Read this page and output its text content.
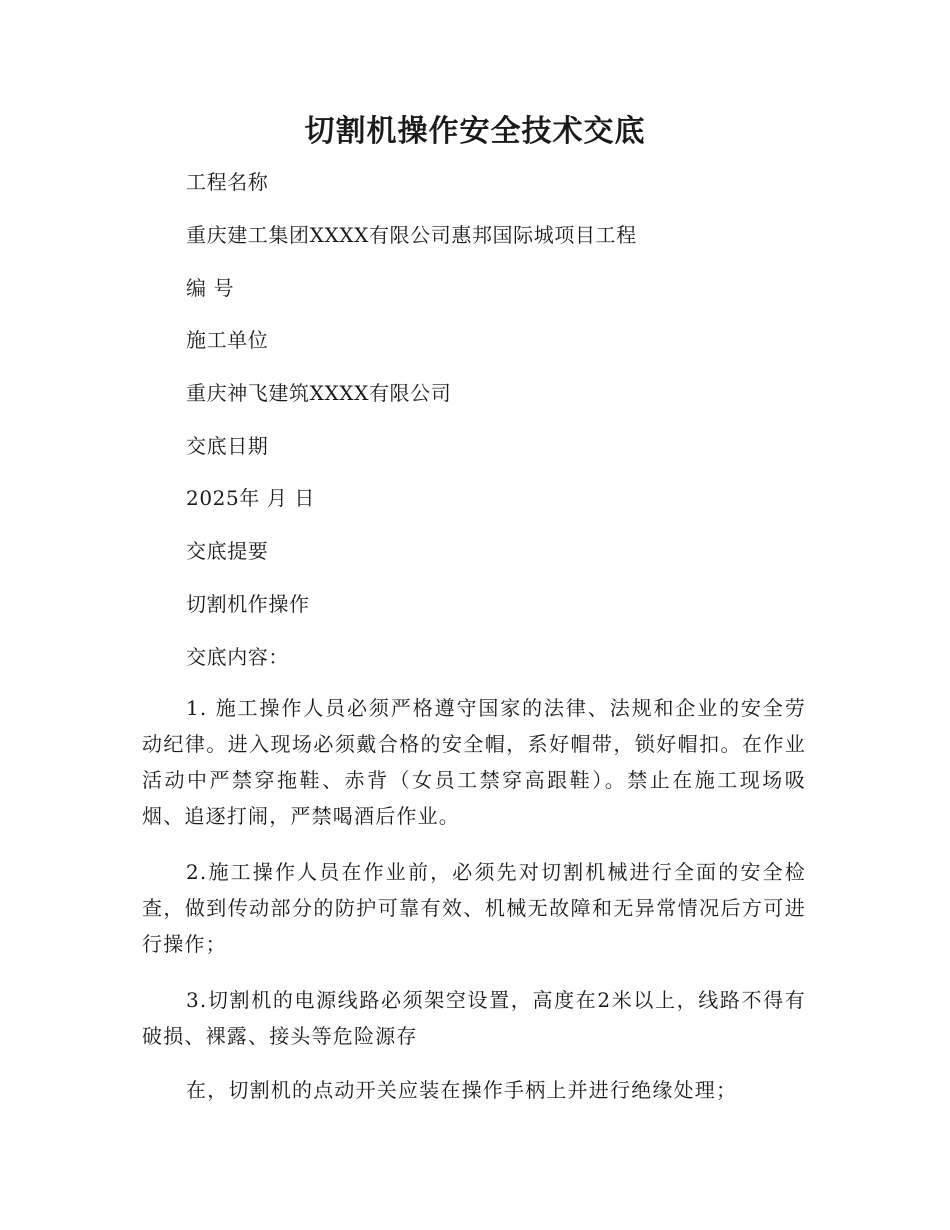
切割机操作安全技术交底

工程名称

重庆建工集团XXXX有限公司惠邦国际城项目工程

编 号

施工单位

重庆神飞建筑XXXX有限公司

交底日期

2025年 月 日

交底提要

切割机作操作

交底内容：

1. 施工操作人员必须严格遵守国家的法律、法规和企业的安全劳动纪律。进入现场必须戴合格的安全帽，系好帽带，锁好帽扣。在作业活动中严禁穿拖鞋、赤背（女员工禁穿高跟鞋）。禁止在施工现场吸烟、追逐打闹，严禁喝酒后作业。

2.施工操作人员在作业前，必须先对切割机械进行全面的安全检查，做到传动部分的防护可靠有效、机械无故障和无异常情况后方可进行操作；

3.切割机的电源线路必须架空设置，高度在2米以上，线路不得有破损、裸露、接头等危险源存

在，切割机的点动开关应装在操作手柄上并进行绝缘处理；
